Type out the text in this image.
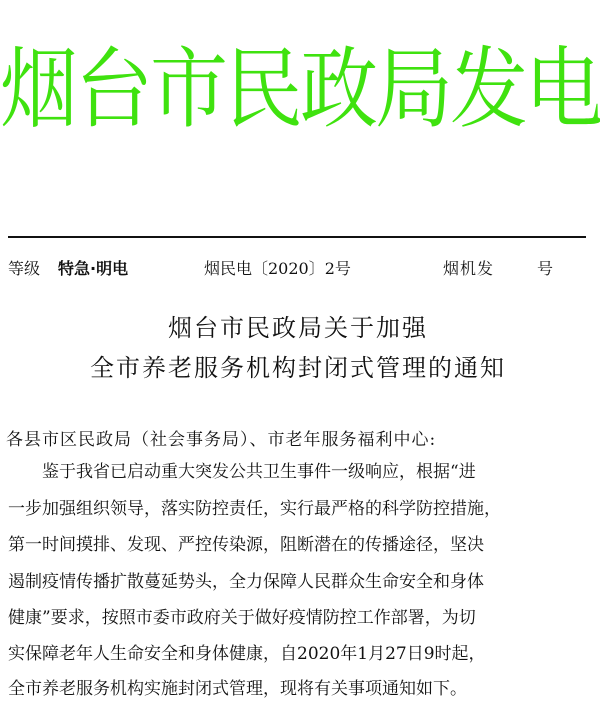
烟台市民政局发电
等级 特急·明电	烟民电〔2020〕2号	烟机发	号
烟台市民政局关于加强
全市养老服务机构封闭式管理的通知
各县市区民政局（社会事务局）、市老年服务福利中心:
鉴于我省已启动重大突发公共卫生事件一级响应，根据“进
一步加强组织领导，落实防控责任，实行最严格的科学防控措施，
第一时间摸排、发现、严控传染源，阻断潜在的传播途径，坚决
遏制疫情传播扩散蔓延势头，全力保障人民群众生命安全和身体
健康”要求，按照市委市政府关于做好疫情防控工作部署，为切
实保障老年人生命安全和身体健康，自2020年1月27日9时起，
全市养老服务机构实施封闭式管理，现将有关事项通知如下。
